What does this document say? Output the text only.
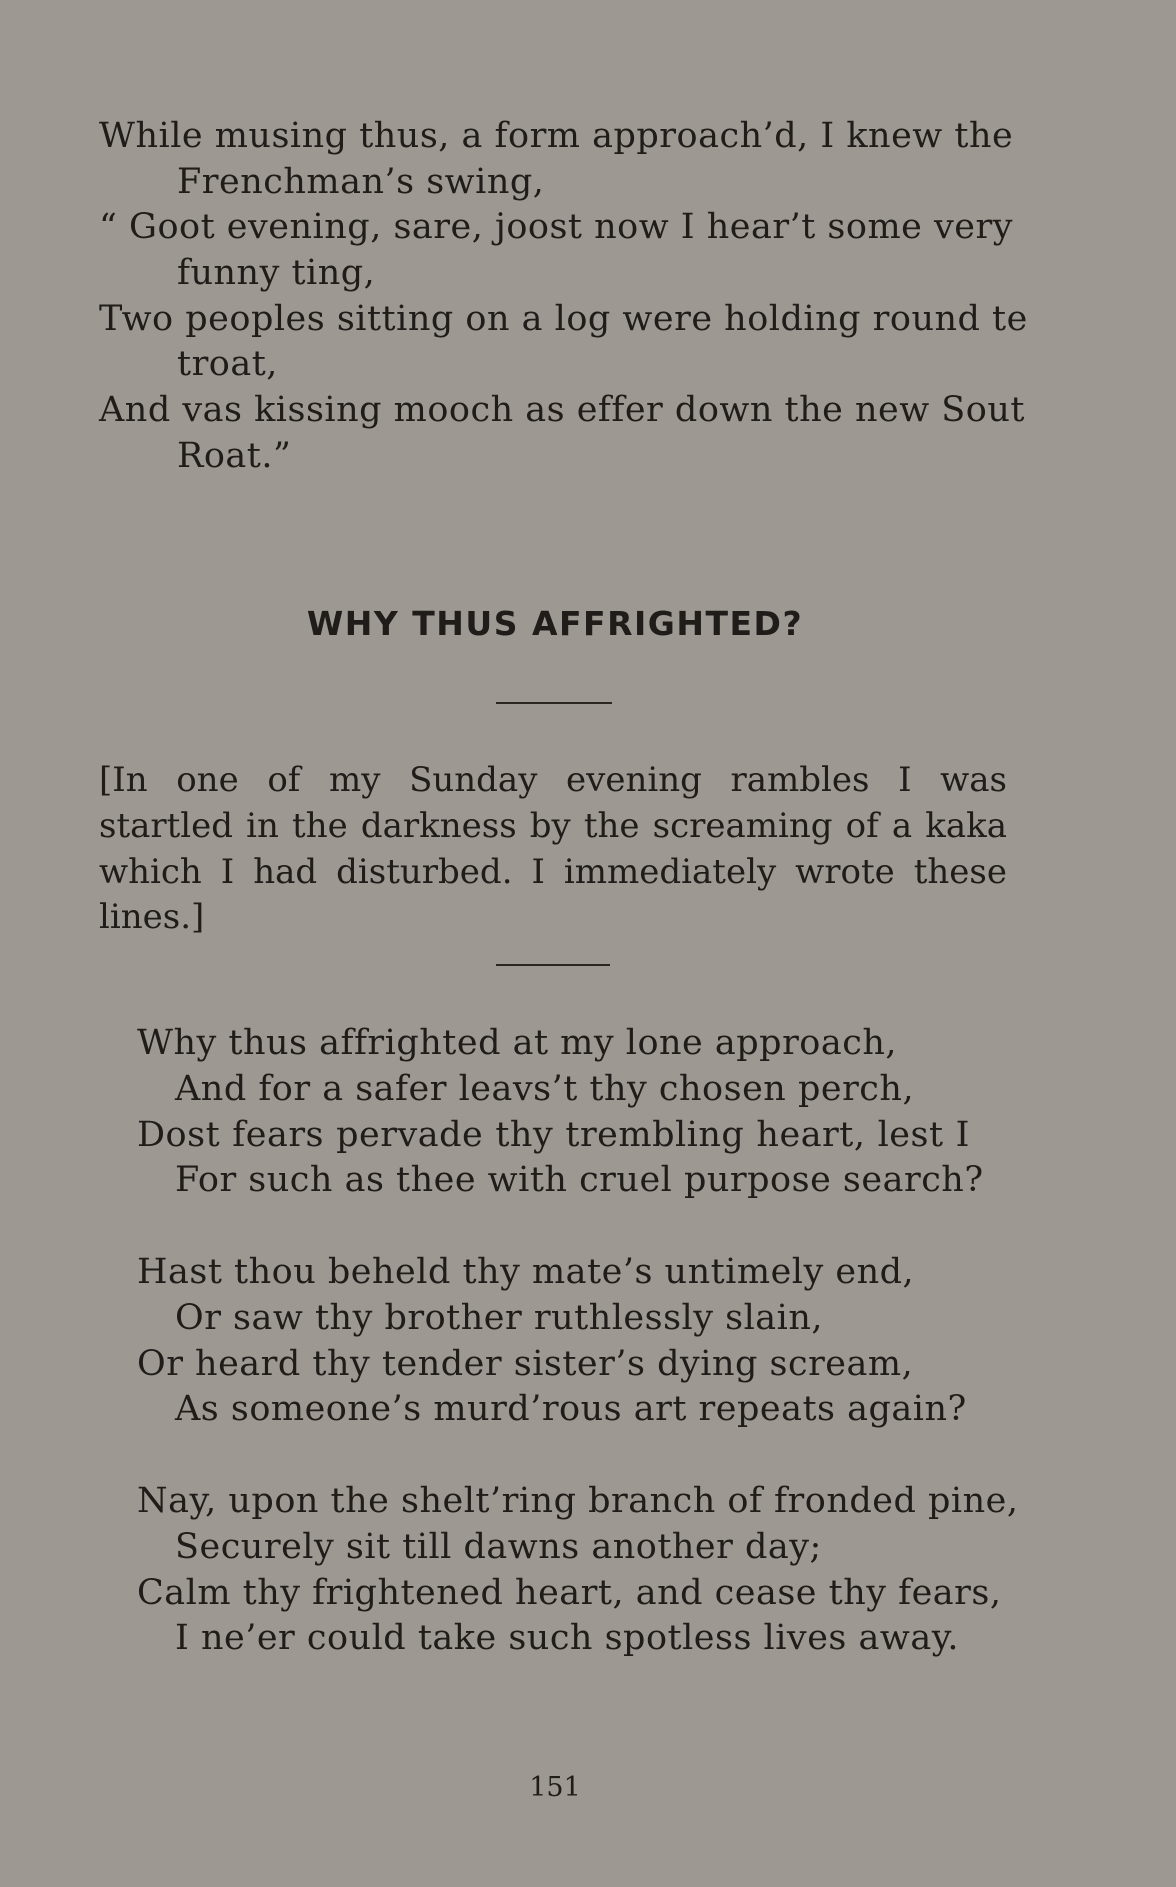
While musing thus, a form approach’d, I knew the
Frenchman’s swing,
“ Goot evening, sare, joost now I hear’t some very
funny ting,
Two peoples sitting on a log were holding round te
troat,
And vas kissing mooch as effer down the new Sout
Roat.”
WHY THUS AFFRIGHTED?
[In one of my Sunday evening rambles I was
startled in the darkness by the screaming of a kaka
which I had disturbed. I immediately wrote these
lines.]
Why thus affrighted at my lone approach,
And for a safer leavs’t thy chosen perch,
Dost fears pervade thy trembling heart, lest I
For such as thee with cruel purpose search?
Hast thou beheld thy mate’s untimely end,
Or saw thy brother ruthlessly slain,
Or heard thy tender sister’s dying scream,
As someone’s murd’rous art repeats again?
Nay, upon the shelt’ring branch of fronded pine,
Securely sit till dawns another day;
Calm thy frightened heart, and cease thy fears,
I ne’er could take such spotless lives away.
151
